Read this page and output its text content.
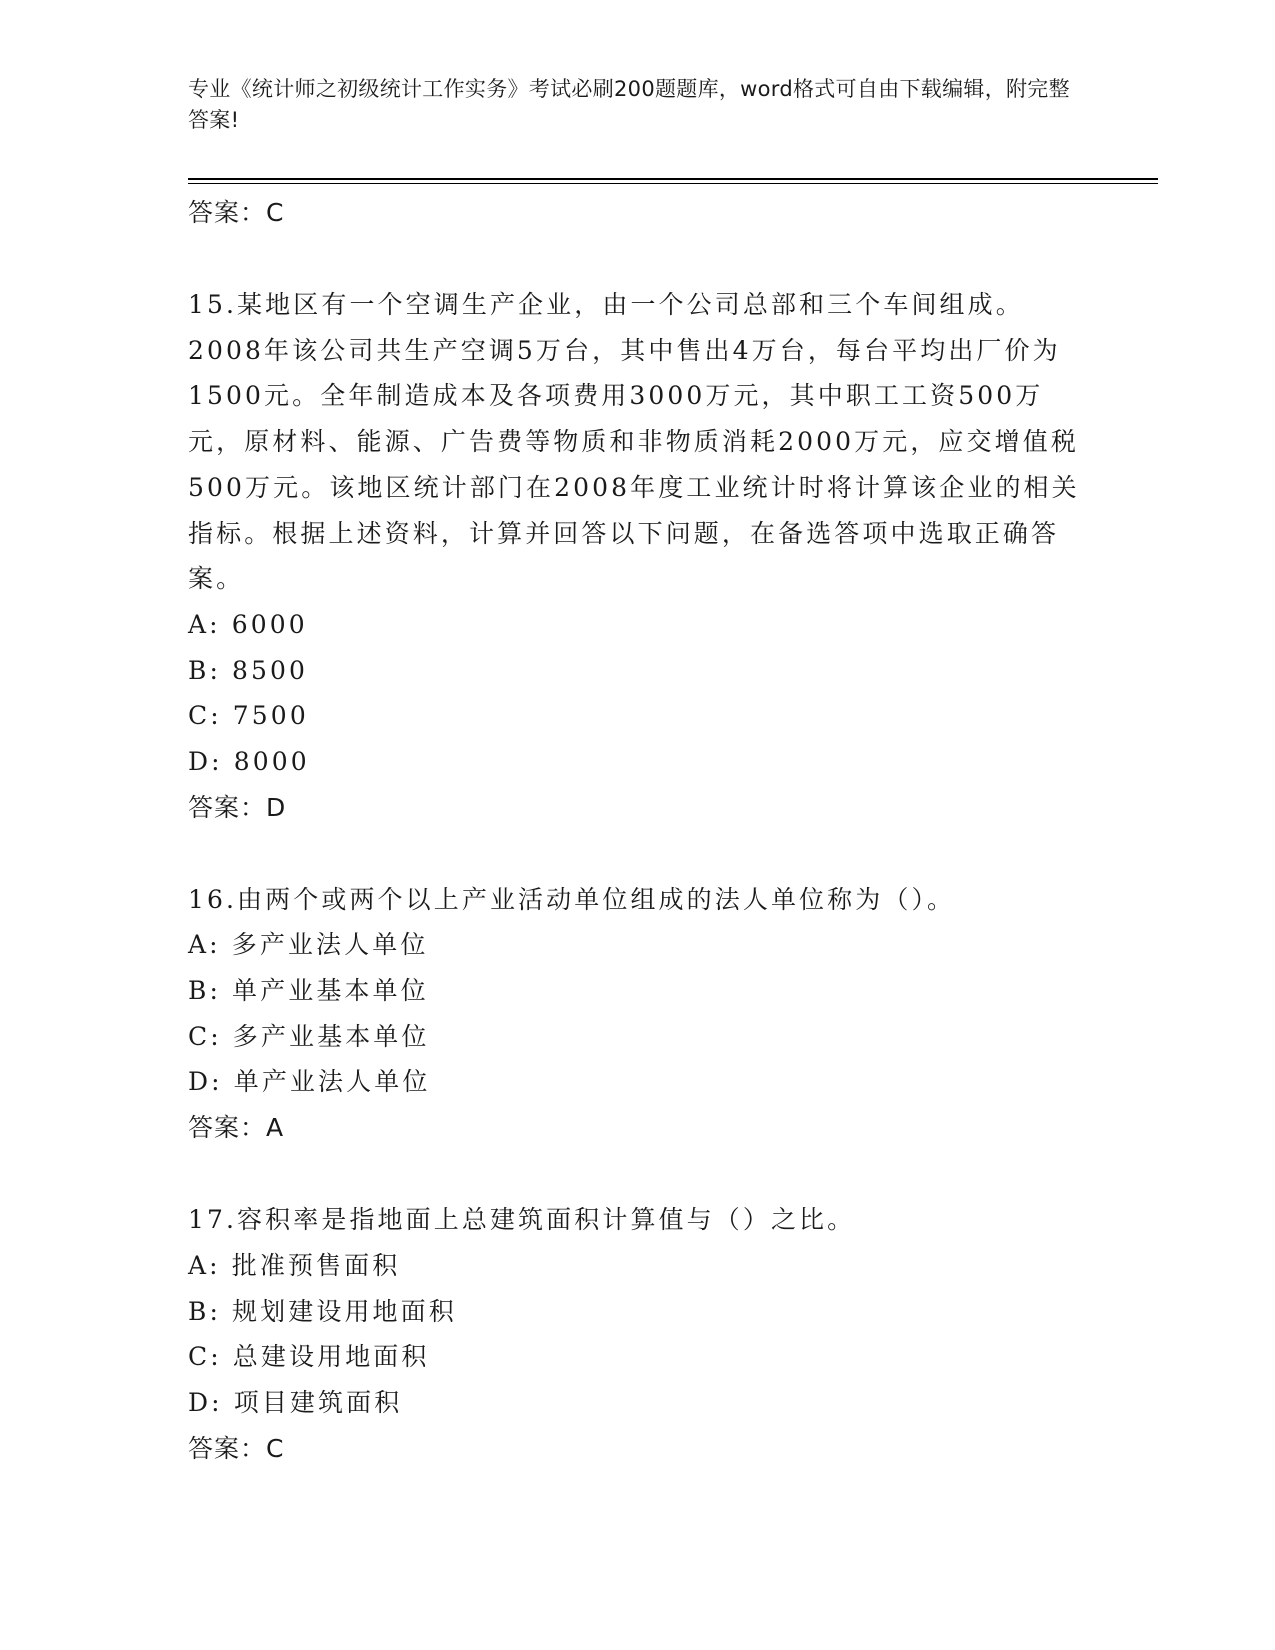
专业《统计师之初级统计工作实务》考试必刷200题题库，word格式可自由下载编辑，附完整答案!
答案：C
15.某地区有一个空调生产企业，由一个公司总部和三个车间组成。2008年该公司共生产空调5万台，其中售出4万台，每台平均出厂价为1500元。全年制造成本及各项费用3000万元，其中职工工资500万元，原材料、能源、广告费等物质和非物质消耗2000万元，应交增值税500万元。该地区统计部门在2008年度工业统计时将计算该企业的相关指标。根据上述资料，计算并回答以下问题，在备选答项中选取正确答案。
A: 6000
B: 8500
C: 7500
D: 8000
答案：D
16.由两个或两个以上产业活动单位组成的法人单位称为（）。
A: 多产业法人单位
B: 单产业基本单位
C: 多产业基本单位
D: 单产业法人单位
答案：A
17.容积率是指地面上总建筑面积计算值与（）之比。
A: 批准预售面积
B: 规划建设用地面积
C: 总建设用地面积
D: 项目建筑面积
答案：C
